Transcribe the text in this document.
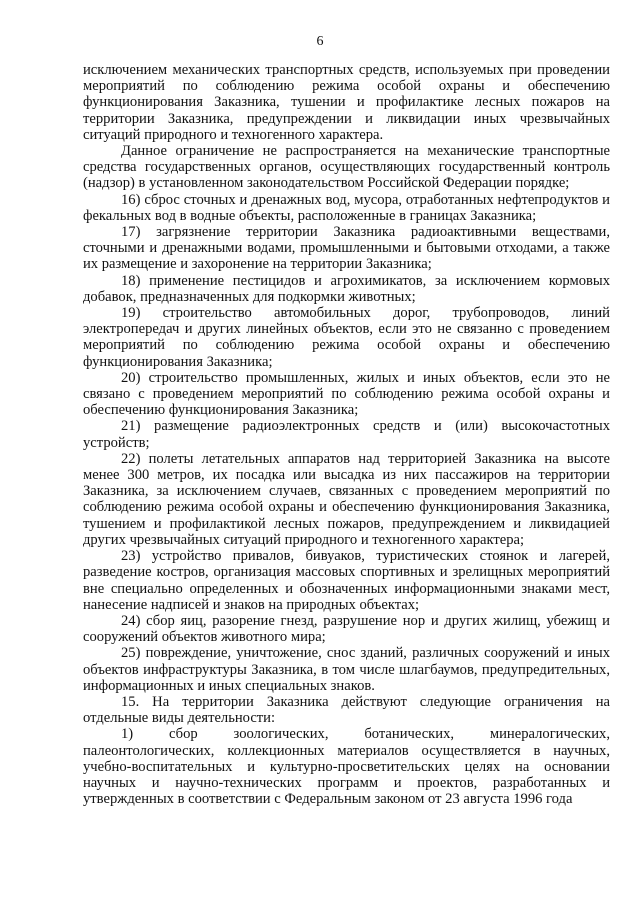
6

исключением механических транспортных средств, используемых при проведении мероприятий по соблюдению режима особой охраны и обеспечению функционирования Заказника, тушении и профилактике лесных пожаров на территории Заказника, предупреждении и ликвидации иных чрезвычайных ситуаций природного и техногенного характера.

Данное ограничение не распространяется на механические транспортные средства государственных органов, осуществляющих государственный контроль (надзор) в установленном законодательством Российской Федерации порядке;

16) сброс сточных и дренажных вод, мусора, отработанных нефтепродуктов и фекальных вод в водные объекты, расположенные в границах Заказника;

17) загрязнение территории Заказника радиоактивными веществами, сточными и дренажными водами, промышленными и бытовыми отходами, а также их размещение и захоронение на территории Заказника;

18) применение пестицидов и агрохимикатов, за исключением кормовых добавок, предназначенных для подкормки животных;

19) строительство автомобильных дорог, трубопроводов, линий электропередач и других линейных объектов, если это не связанно с проведением мероприятий по соблюдению режима особой охраны и обеспечению функционирования Заказника;

20) строительство промышленных, жилых и иных объектов, если это не связано с проведением мероприятий по соблюдению режима особой охраны и обеспечению функционирования Заказника;

21) размещение радиоэлектронных средств и (или) высокочастотных устройств;

22) полеты летательных аппаратов над территорией Заказника на высоте менее 300 метров, их посадка или высадка из них пассажиров на территории Заказника, за исключением случаев, связанных с проведением мероприятий по соблюдению режима особой охраны и обеспечению функционирования Заказника, тушением и профилактикой лесных пожаров, предупреждением и ликвидацией других чрезвычайных ситуаций природного и техногенного характера;

23) устройство привалов, бивуаков, туристических стоянок и лагерей, разведение костров, организация массовых спортивных и зрелищных мероприятий вне специально определенных и обозначенных информационными знаками мест, нанесение надписей и знаков на природных объектах;

24) сбор яиц, разорение гнезд, разрушение нор и других жилищ, убежищ и сооружений объектов животного мира;

25) повреждение, уничтожение, снос зданий, различных сооружений и иных объектов инфраструктуры Заказника, в том числе шлагбаумов, предупредительных, информационных и иных специальных знаков.

15. На территории Заказника действуют следующие ограничения на отдельные виды деятельности:

1) сбор зоологических, ботанических, минералогических, палеонтологических, коллекционных материалов осуществляется в научных, учебно-воспитательных и культурно-просветительских целях на основании научных и научно-технических программ и проектов, разработанных и утвержденных в соответствии с Федеральным законом от 23 августа 1996 года
